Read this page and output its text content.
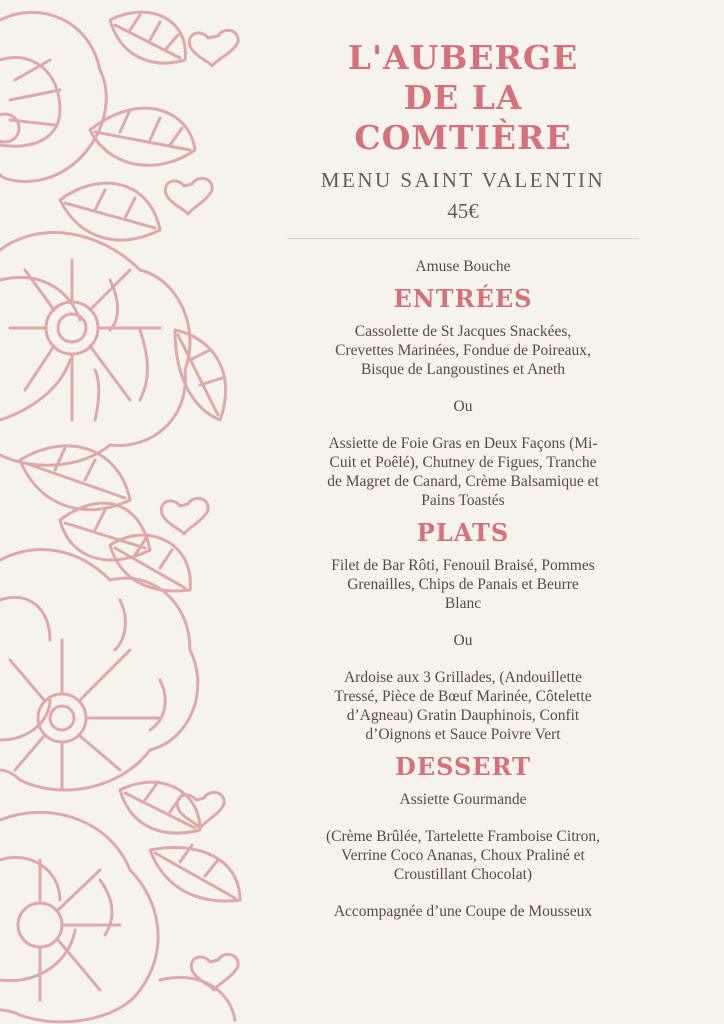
L'AUBERGE
DE LA
COMTIÈRE
MENU SAINT VALENTIN
45€
Amuse Bouche
ENTRÉES
Cassolette de St Jacques Snackées,
Crevettes Marinées, Fondue de Poireaux,
Bisque de Langoustines et Aneth
Ou
Assiette de Foie Gras en Deux Façons (Mi-
Cuit et Poêlé), Chutney de Figues, Tranche
de Magret de Canard, Crème Balsamique et
Pains Toastés
PLATS
Filet de Bar Rôti, Fenouil Braisé, Pommes
Grenailles, Chips de Panais et Beurre
Blanc
Ou
Ardoise aux 3 Grillades, (Andouillette
Tressé, Pièce de Bœuf Marinée, Côtelette
d’Agneau) Gratin Dauphinois, Confit
d’Oignons et Sauce Poivre Vert
DESSERT
Assiette Gourmande
(Crème Brûlée, Tartelette Framboise Citron,
Verrine Coco Ananas, Choux Praliné et
Croustillant Chocolat)
Accompagnée d’une Coupe de Mousseux
